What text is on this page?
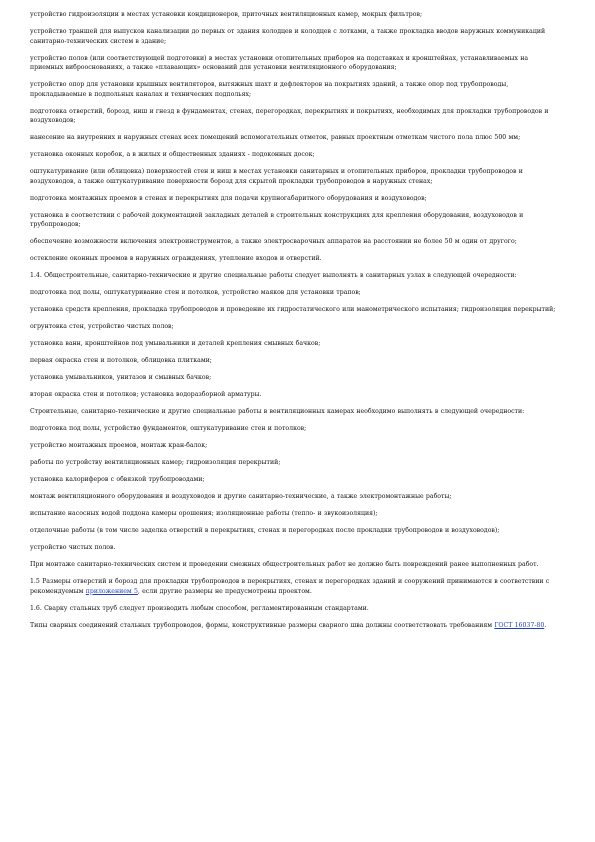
устройство гидроизоляции в местах установки кондиционеров, приточных вентиляционных камер, мокрых фильтров;

устройство траншей для выпусков канализации до первых от здания колодцев и колодцев с лотками, а также прокладка вводов наружных коммуникаций санитарно-технических систем в здание;

устройство полов (или соответствующей подготовки) в местах установки отопительных приборов на подставках и кронштейнах, устанавливаемых на приемных виброоснованиях, а также «плавающих» оснований для установки вентиляционного оборудования;

устройство опор для установки крышных вентиляторов, вытяжных шахт и дефлекторов на покрытиях зданий, а также опор под трубопроводы, прокладываемые в подпольных каналах и технических подпольях;

подготовка отверстий, борозд, ниш и гнезд в фундаментах, стенах, перегородках, перекрытиях и покрытиях, необходимых для прокладки трубопроводов и воздуховодов;

нанесение на внутренних и наружных стенах всех помещений вспомогательных отметок, равных проектным отметкам чистого пола плюс 500 мм;

установка оконных коробок, а в жилых и общественных зданиях - подоконных досок;

оштукатуривание (или облицовка) поверхностей стен и ниш в местах установки санитарных и отопительных приборов, прокладки трубопроводов и воздуховодов, а также оштукатуривание поверхности борозд для скрытой прокладки трубопроводов в наружных стенах;

подготовка монтажных проемов в стенах и перекрытиях для подачи крупногабаритного оборудования и воздуховодов;

установка в соответствии с рабочей документацией закладных деталей в строительных конструкциях для крепления оборудования, воздуховодов и трубопроводов;

обеспечение возможности включения электроинструментов, а также электросварочных аппаратов на расстоянии не более 50 м один от другого;

остекление оконных проемов в наружных ограждениях, утепление входов и отверстий.

1.4. Общестроительные, санитарно-технические и другие специальные работы следует выполнять в санитарных узлах в следующей очередности:

подготовка под полы, оштукатуривание стен и потолков, устройство маяков для установки трапов;

установка средств крепления, прокладка трубопроводов и проведение их гидростатического или манометрического испытания; гидроизоляция перекрытий;

огрунтовка стен, устройство чистых полов;

установка ванн, кронштейнов под умывальники и деталей крепления смывных бачков;

первая окраска стен и потолков, облицовка плитками;

установка умывальников, унитазов и смывных бачков;

вторая окраска стен и потолков; установка водоразборной арматуры.

Строительные, санитарно-технические и другие специальные работы в вентиляционных камерах необходимо выполнять в следующей очередности:

подготовка под полы, устройство фундаментов, оштукатуривание стен и потолков;

устройство монтажных проемов, монтаж кран-балок;

работы по устройству вентиляционных камер; гидроизоляция перекрытий;

установка калориферов с обвязкой трубопроводами;

монтаж вентиляционного оборудования и воздуховодов и другие санитарно-технические, а также электромонтажные работы;

испытание насосных водой поддона камеры орошения; изоляционные работы (тепло- и звукоизоляция);

отделочные работы (в том числе заделка отверстий в перекрытиях, стенах и перегородках после прокладки трубопроводов и воздуховодов);

устройство чистых полов.

При монтаже санитарно-технических систем и проведении смежных общестроительных работ не должно быть повреждений ранее выполненных работ.

1.5 Размеры отверстий и борозд для прокладки трубопроводов в перекрытиях, стенах и перегородках зданий и сооружений принимаются в соответствии с рекомендуемым приложением 5, если другие размеры не предусмотрены проектом.

1.6. Сварку стальных труб следует производить любым способом, регламентированным стандартами.

Типы сварных соединений стальных трубопроводов, формы, конструктивные размеры сварного шва должны соответствовать требованиям ГОСТ 16037-80.
